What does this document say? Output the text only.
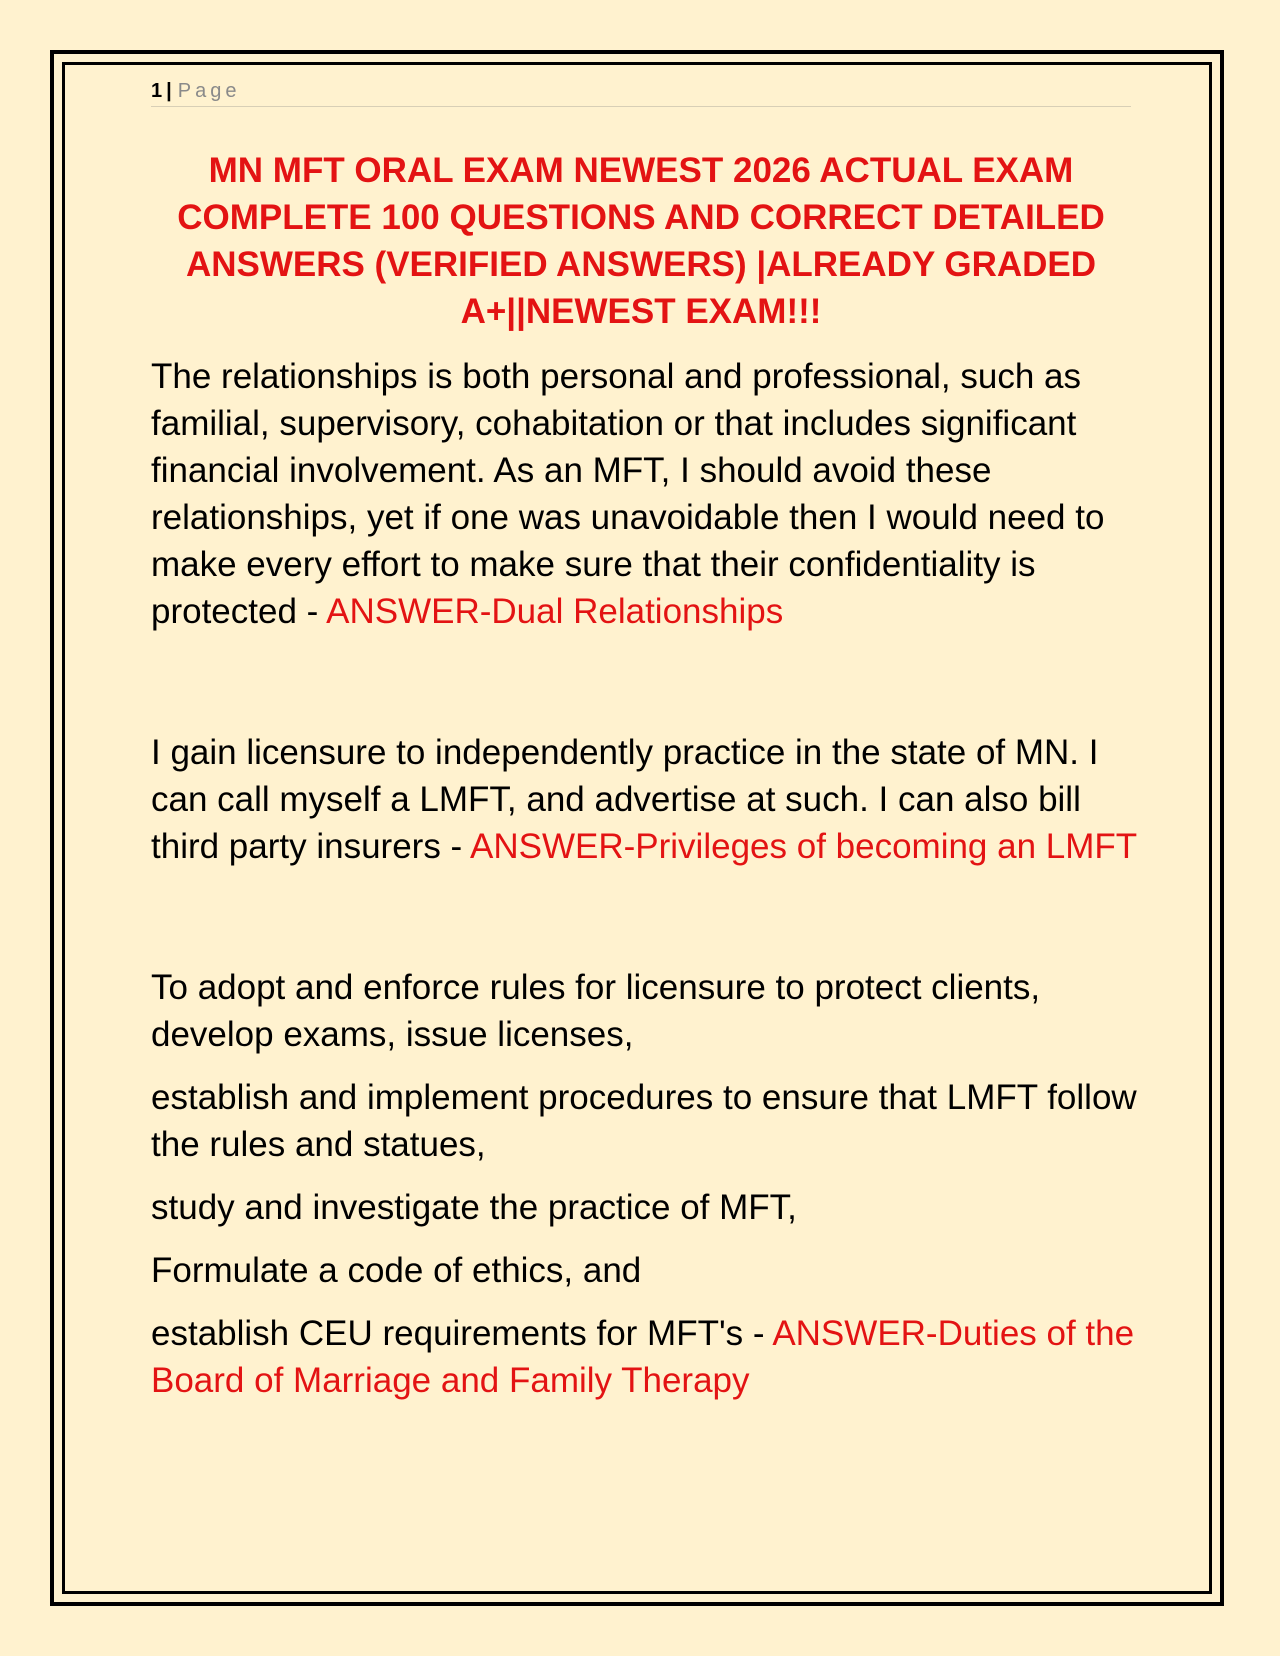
1 | Page
MN MFT ORAL EXAM NEWEST 2026 ACTUAL EXAM COMPLETE 100 QUESTIONS AND CORRECT DETAILED ANSWERS (VERIFIED ANSWERS) |ALREADY GRADED A+||NEWEST EXAM!!!

The relationships is both personal and professional, such as familial, supervisory, cohabitation or that includes significant financial involvement. As an MFT, I should avoid these relationships, yet if one was unavoidable then I would need to make every effort to make sure that their confidentiality is protected - ANSWER-Dual Relationships

I gain licensure to independently practice in the state of MN. I can call myself a LMFT, and advertise at such. I can also bill third party insurers - ANSWER-Privileges of becoming an LMFT

To adopt and enforce rules for licensure to protect clients, develop exams, issue licenses,

establish and implement procedures to ensure that LMFT follow the rules and statues,

study and investigate the practice of MFT,

Formulate a code of ethics, and

establish CEU requirements for MFT's - ANSWER-Duties of the Board of Marriage and Family Therapy
